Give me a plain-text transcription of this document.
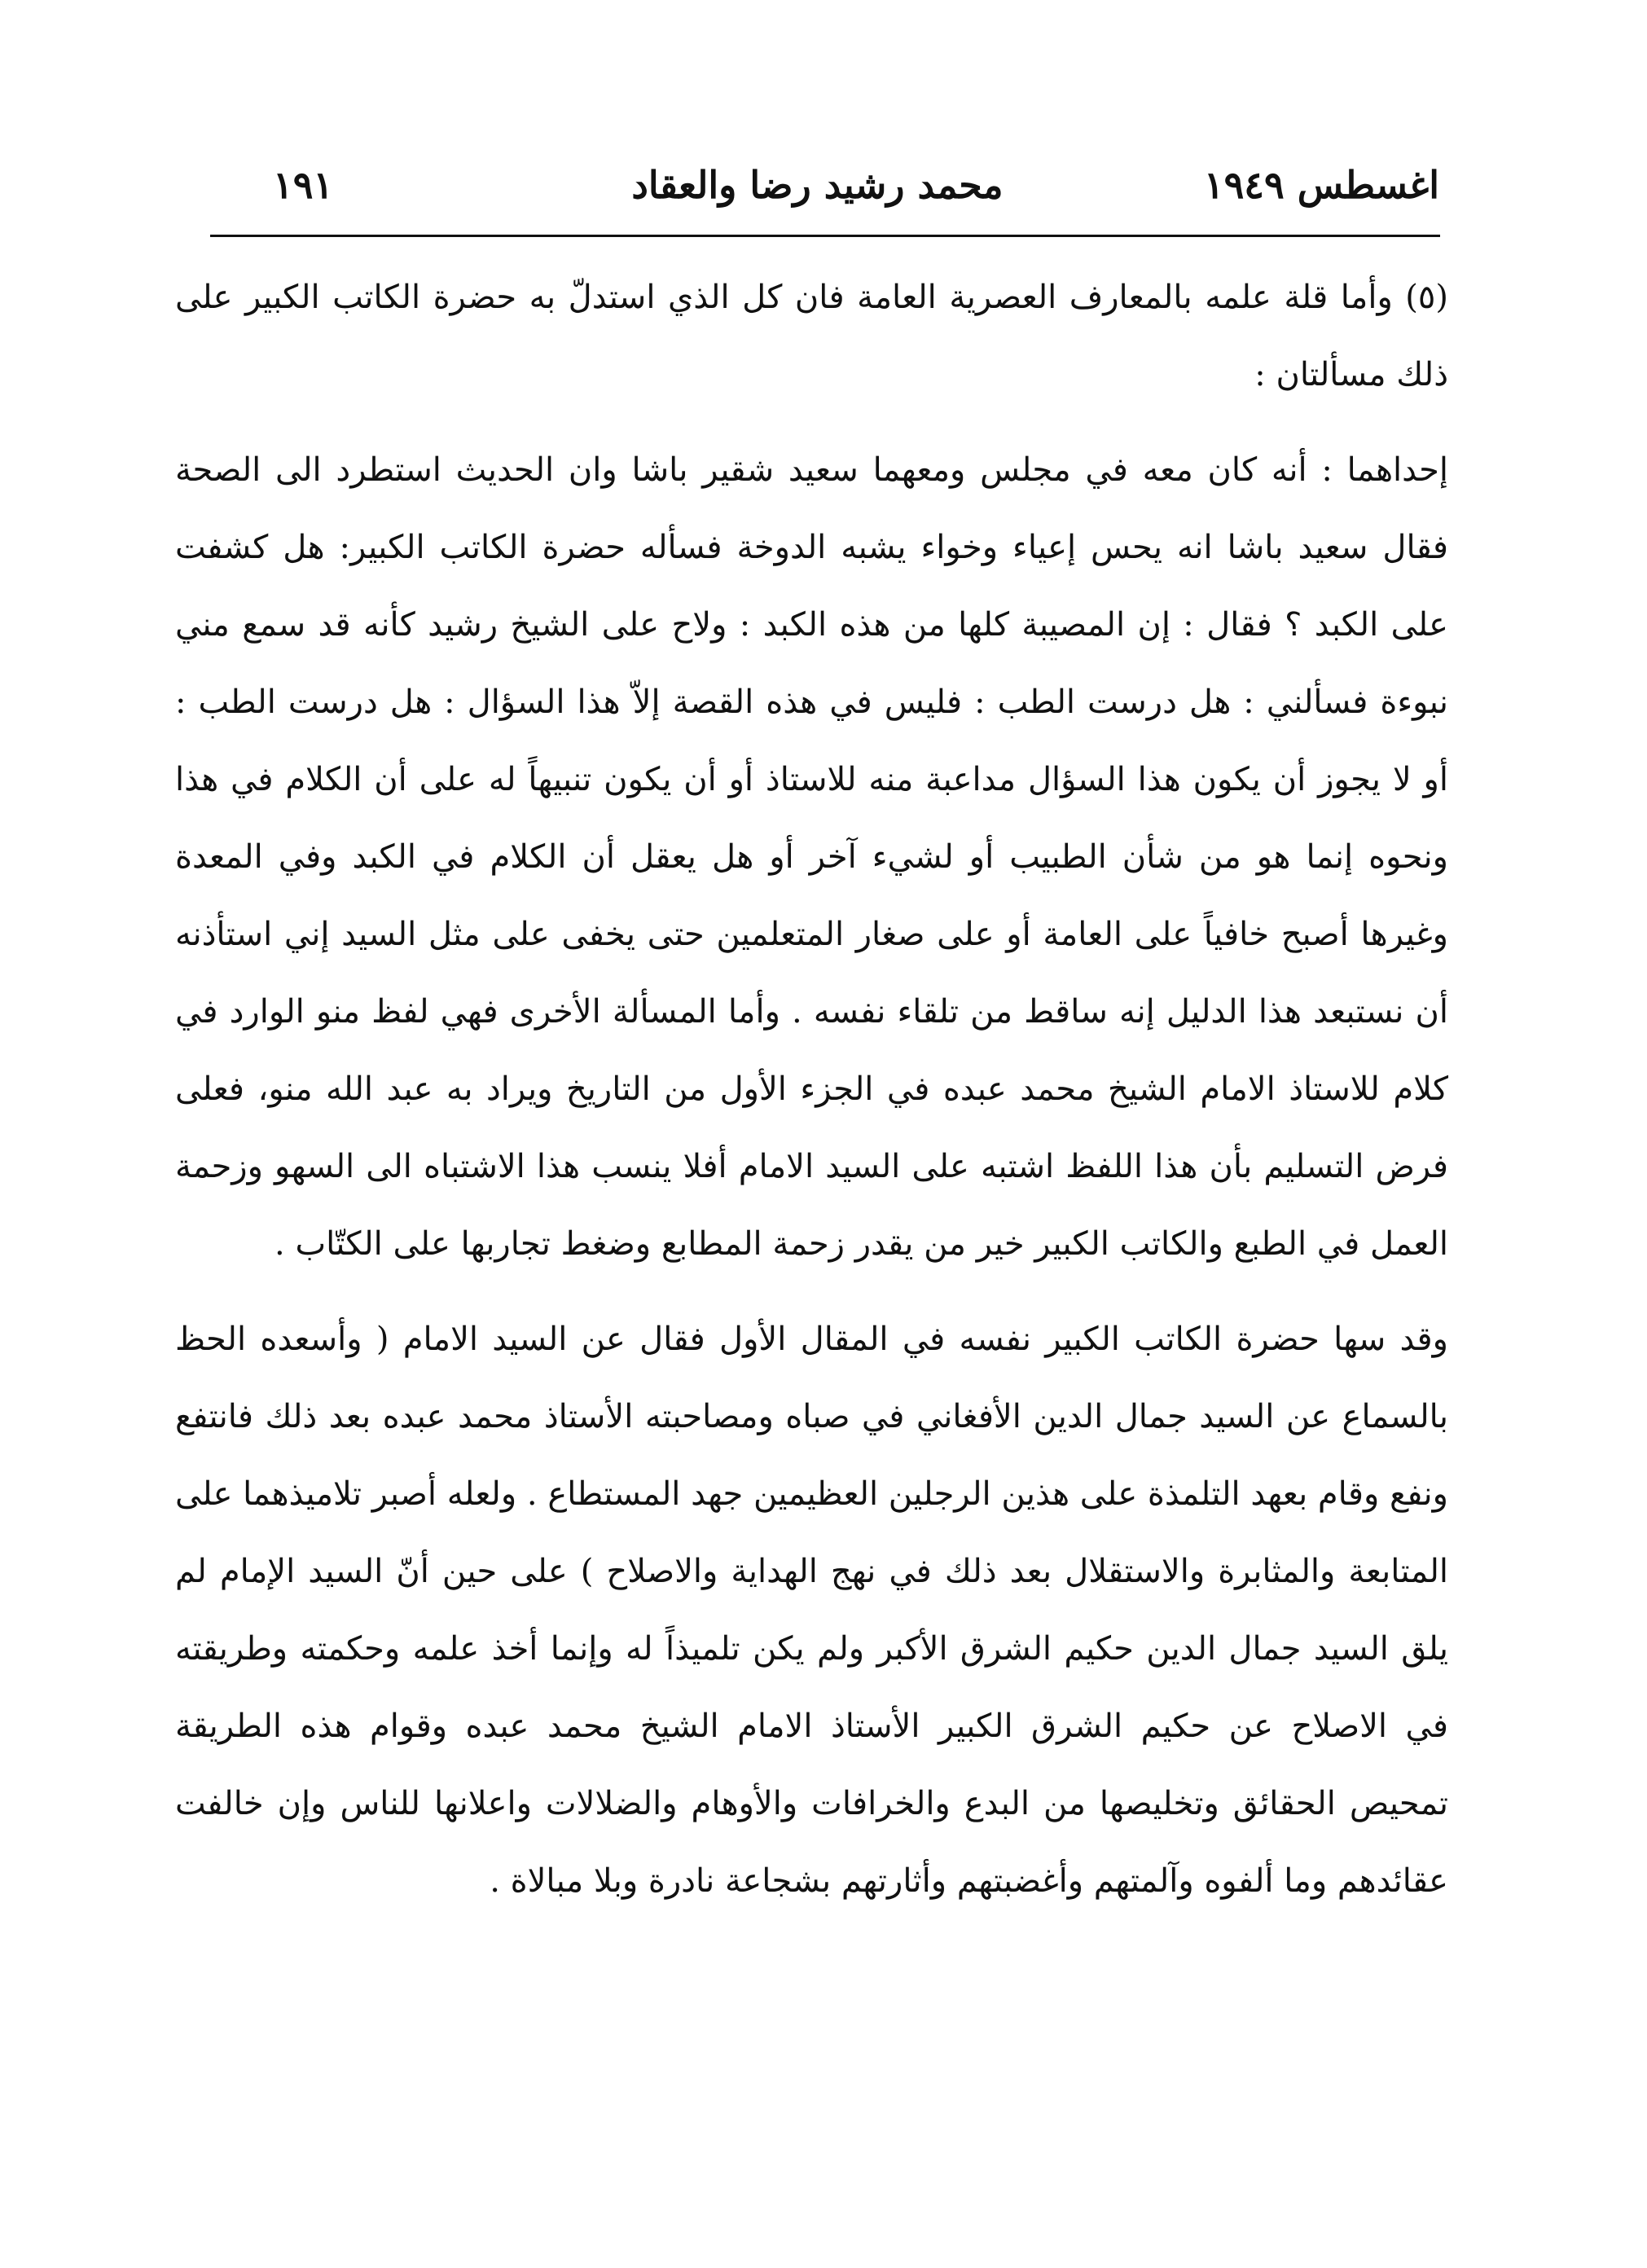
اغسطس ١٩٤٩
محمد رشيد رضا والعقاد
١٩١

(٥) وأما قلة علمه بالمعارف العصرية العامة فان كل الذي استدلّ به حضرة الكاتب الكبير على ذلك مسألتان :

إحداهما : أنه كان معه في مجلس ومعهما سعيد شقير باشا وان الحديث استطرد الى الصحة فقال سعيد باشا انه يحس إعياء وخواء يشبه الدوخة فسأله حضرة الكاتب الكبير: هل كشفت على الكبد ؟ فقال : إن المصيبة كلها من هذه الكبد : ولاح على الشيخ رشيد كأنه قد سمع مني نبوءة فسألني : هل درست الطب : فليس في هذه القصة إلاّ هذا السؤال : هل درست الطب : أو لا يجوز أن يكون هذا السؤال مداعبة منه للاستاذ أو أن يكون تنبيهاً له على أن الكلام في هذا ونحوه إنما هو من شأن الطبيب أو لشيء آخر أو هل يعقل أن الكلام في الكبد وفي المعدة وغيرها أصبح خافياً على العامة أو على صغار المتعلمين حتى يخفى على مثل السيد إني استأذنه أن نستبعد هذا الدليل إنه ساقط من تلقاء نفسه . وأما المسألة الأخرى فهي لفظ منو الوارد في كلام للاستاذ الامام الشيخ محمد عبده في الجزء الأول من التاريخ ويراد به عبد الله منو، فعلى فرض التسليم بأن هذا اللفظ اشتبه على السيد الامام أفلا ينسب هذا الاشتباه الى السهو وزحمة العمل في الطبع والكاتب الكبير خير من يقدر زحمة المطابع وضغط تجاربها على الكتّاب .

وقد سها حضرة الكاتب الكبير نفسه في المقال الأول فقال عن السيد الامام ( وأسعده الحظ بالسماع عن السيد جمال الدين الأفغاني في صباه ومصاحبته الأستاذ محمد عبده بعد ذلك فانتفع ونفع وقام بعهد التلمذة على هذين الرجلين العظيمين جهد المستطاع . ولعله أصبر تلاميذهما على المتابعة والمثابرة والاستقلال بعد ذلك في نهج الهداية والاصلاح ) على حين أنّ السيد الإمام لم يلق السيد جمال الدين حكيم الشرق الأكبر ولم يكن تلميذاً له وإنما أخذ علمه وحكمته وطريقته في الاصلاح عن حكيم الشرق الكبير الأستاذ الامام الشيخ محمد عبده وقوام هذه الطريقة تمحيص الحقائق وتخليصها من البدع والخرافات والأوهام والضلالات واعلانها للناس وإن خالفت عقائدهم وما ألفوه وآلمتهم وأغضبتهم وأثارتهم بشجاعة نادرة وبلا مبالاة .
